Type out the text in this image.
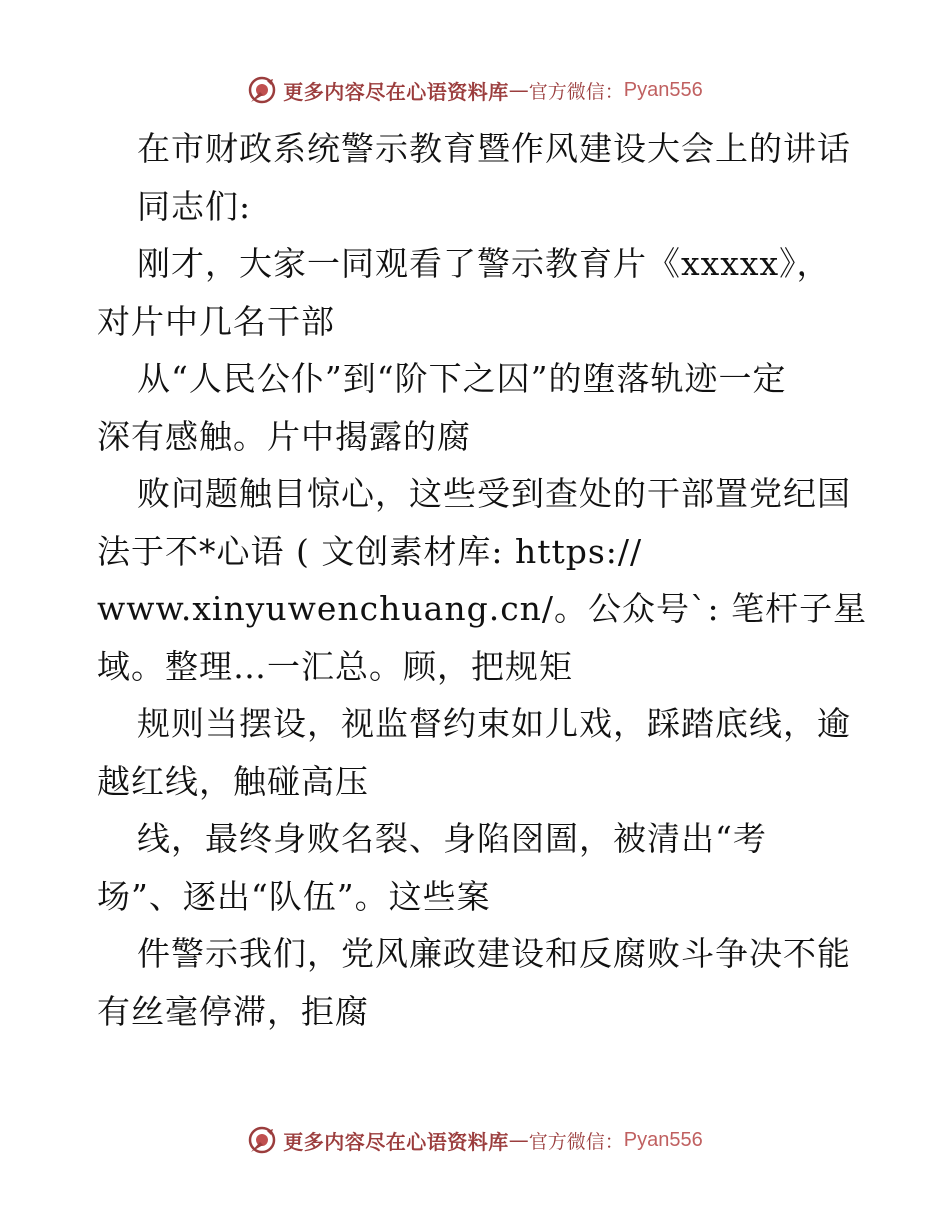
更多内容尽在心语资料库 — 官方微信： Pyan556
在市财政系统警示教育暨作风建设大会上的讲话
同志们:
刚才，大家一同观看了警示教育片《xxxxx》，
对片中几名干部
从“人民公仆”到“阶下之囚”的堕落轨迹一定
深有感触。片中揭露的腐
败问题触目惊心，这些受到查处的干部置党纪国
法于不*心语 ( 文创素材库: https://
www.xinyuwenchuang.cn/。公众号`: 笔杆子星
域。整理…一汇总。顾，把规矩
规则当摆设，视监督约束如儿戏，踩踏底线，逾
越红线，触碰高压
线，最终身败名裂、身陷囹圄，被清出“考
场”、逐出“队伍”。这些案
件警示我们，党风廉政建设和反腐败斗争决不能
有丝毫停滞，拒腐
更多内容尽在心语资料库 — 官方微信： Pyan556
